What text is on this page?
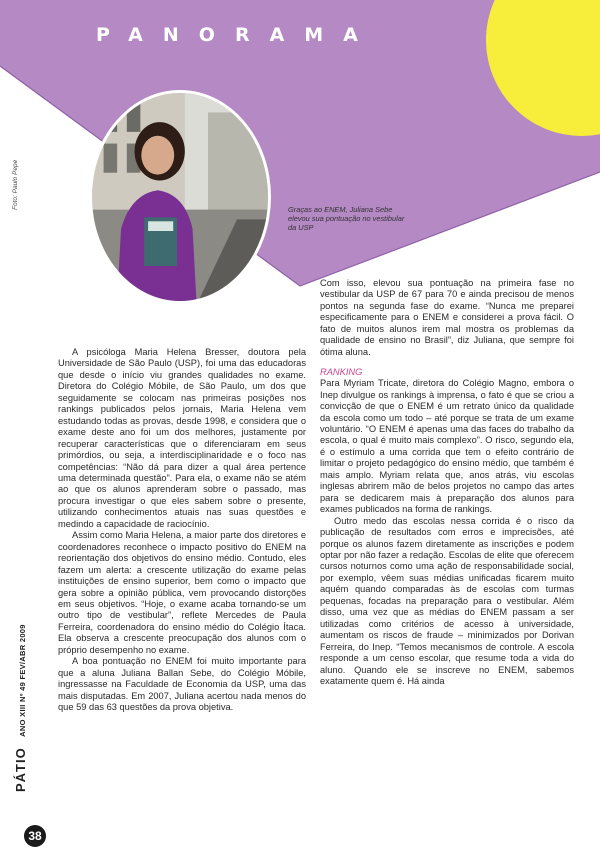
PANORAMA
Foto: Paulo Pepe	Graças ao ENEM, Juliana Sebe elevou sua pontuação no vestibular da USP

A psicóloga Maria Helena Bresser, doutora pela Universidade de São Paulo (USP), foi uma das educadoras que desde o início viu grandes qualidades no exame. Diretora do Colégio Móbile, de São Paulo, um dos que seguidamente se colocam nas primeiras posições nos rankings publicados pelos jornais, Maria Helena vem estudando todas as provas, desde 1998, e considera que o exame deste ano foi um dos melhores, justamente por recuperar características que o diferenciaram em seus primórdios, ou seja, a interdisciplinaridade e o foco nas competências: “Não dá para dizer a qual área pertence uma determinada questão”. Para ela, o exame não se atém ao que os alunos aprenderam sobre o passado, mas procura investigar o que eles sabem sobre o presente, utilizando conhecimentos atuais nas suas questões e medindo a capacidade de raciocínio.

Assim como Maria Helena, a maior parte dos diretores e coordenadores reconhece o impacto positivo do ENEM na reorientação dos objetivos do ensino médio. Contudo, eles fazem um alerta: a crescente utilização do exame pelas instituições de ensino superior, bem como o impacto que gera sobre a opinião pública, vem provocando distorções em seus objetivos. “Hoje, o exame acaba tornando-se um outro tipo de vestibular”, reflete Mercedes de Paula Ferreira, coordenadora do ensino médio do Colégio Ítaca. Ela observa a crescente preocupação dos alunos com o próprio desempenho no exame.

A boa pontuação no ENEM foi muito importante para que a aluna Juliana Ballan Sebe, do Colégio Móbile, ingressasse na Faculdade de Economia da USP, uma das mais disputadas. Em 2007, Juliana acertou nada menos do que 59 das 63 questões da prova objetiva.

Com isso, elevou sua pontuação na primeira fase no vestibular da USP de 67 para 70 e ainda precisou de menos pontos na segunda fase do exame. “Nunca me preparei especificamente para o ENEM e considerei a prova fácil. O fato de muitos alunos irem mal mostra os problemas da qualidade de ensino no Brasil”, diz Juliana, que sempre foi ótima aluna.

RANKING

Para Myriam Tricate, diretora do Colégio Magno, embora o Inep divulgue os rankings à imprensa, o fato é que se criou a convicção de que o ENEM é um retrato único da qualidade da escola como um todo – até porque se trata de um exame voluntário. “O ENEM é apenas uma das faces do trabalho da escola, o qual é muito mais complexo”. O risco, segundo ela, é o estímulo a uma corrida que tem o efeito contrário de limitar o projeto pedagógico do ensino médio, que também é mais amplo. Myriam relata que, anos atrás, viu escolas inglesas abrirem mão de belos projetos no campo das artes para se dedicarem mais à preparação dos alunos para exames publicados na forma de rankings.

Outro medo das escolas nessa corrida é o risco da publicação de resultados com erros e imprecisões, até porque os alunos fazem diretamente as inscrições e podem optar por não fazer a redação. Escolas de elite que oferecem cursos noturnos como uma ação de responsabilidade social, por exemplo, vêem suas médias unificadas ficarem muito aquém quando comparadas às de escolas com turmas pequenas, focadas na preparação para o vestibular. Além disso, uma vez que as médias do ENEM passam a ser utilizadas como critérios de acesso à universidade, aumentam os riscos de fraude – minimizados por Dorivan Ferreira, do Inep. “Temos mecanismos de controle. A escola responde a um censo escolar, que resume toda a vida do aluno. Quando ele se inscreve no ENEM, sabemos exatamente quem é. Há ainda

PÁTIO ANO XIII Nº 49 FEV/ABR 2009
38
